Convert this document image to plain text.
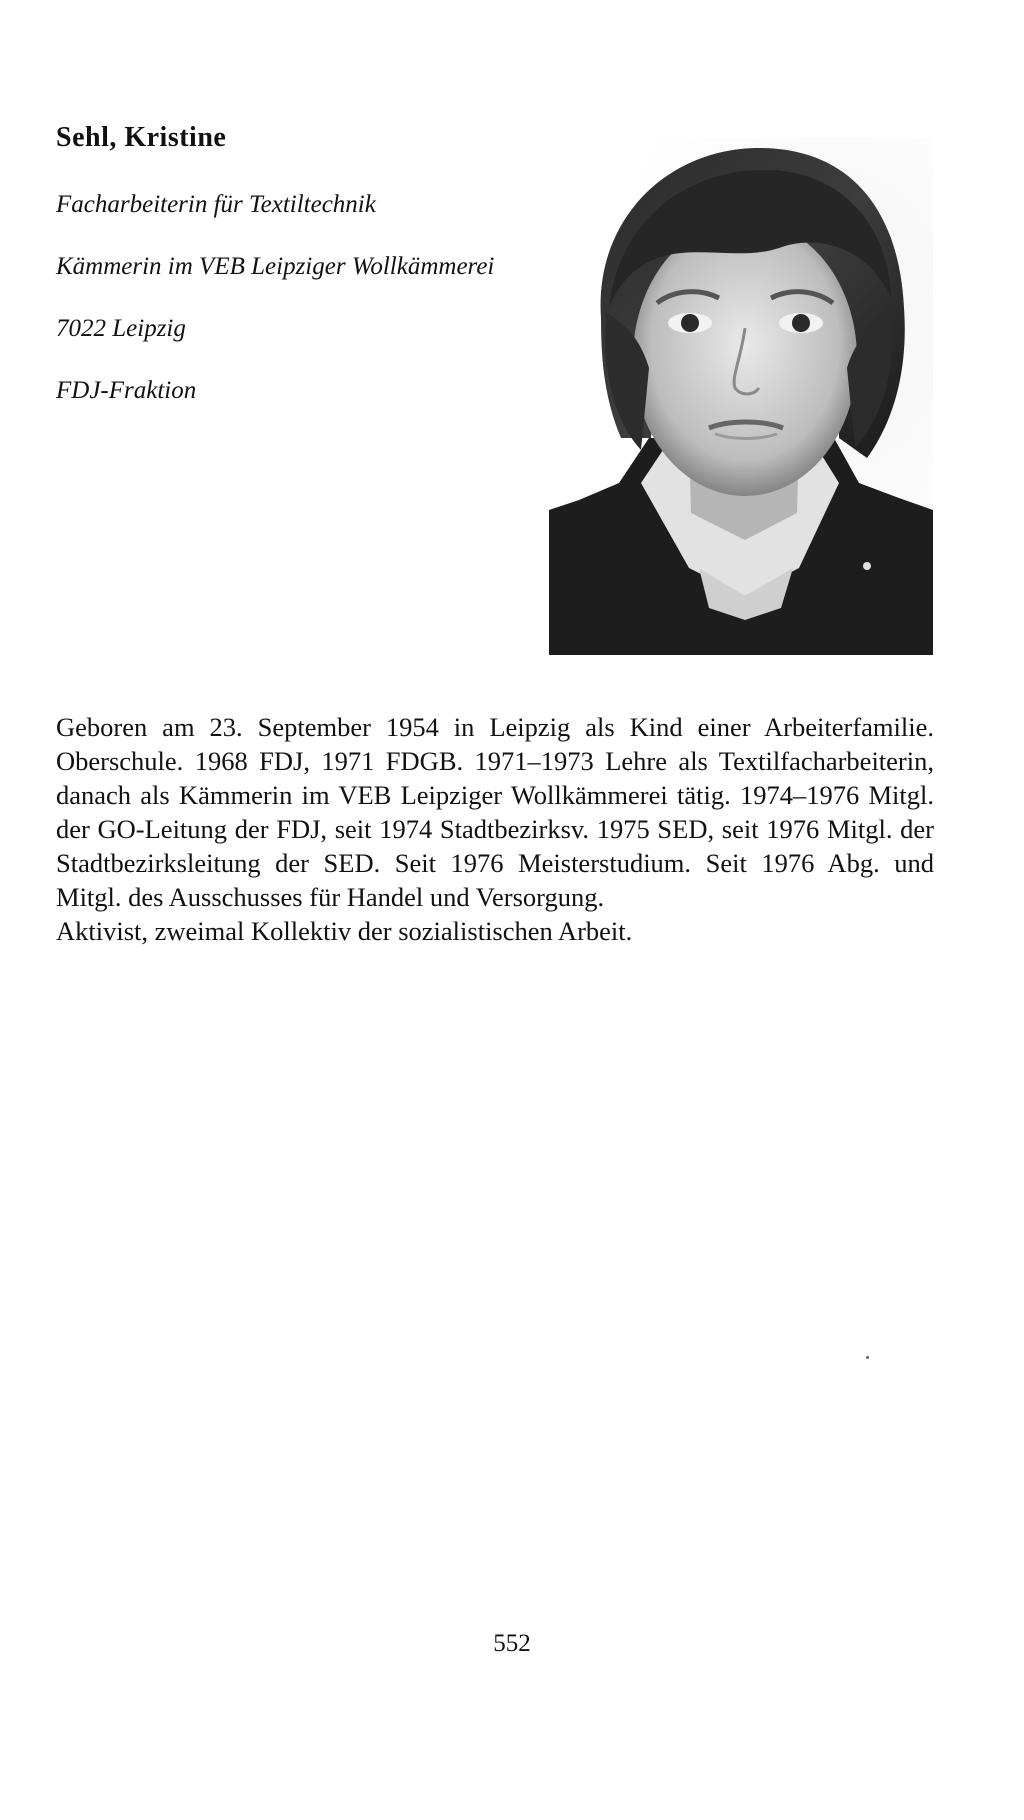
Sehl, Kristine

Facharbeiterin für Textiltechnik

Kämmerin im VEB Leipziger Wollkämmerei

7022 Leipzig

FDJ-Fraktion

Geboren am 23. September 1954 in Leipzig als Kind einer Arbeiterfamilie. Oberschule. 1968 FDJ, 1971 FDGB. 1971–1973 Lehre als Textilfacharbeiterin, danach als Kämmerin im VEB Leipziger Wollkämmerei tätig. 1974–1976 Mitgl. der GO-Leitung der FDJ, seit 1974 Stadtbezirksv. 1975 SED, seit 1976 Mitgl. der Stadtbezirksleitung der SED. Seit 1976 Meisterstudium. Seit 1976 Abg. und Mitgl. des Ausschusses für Handel und Versorgung.

Aktivist, zweimal Kollektiv der sozialistischen Arbeit.

552
